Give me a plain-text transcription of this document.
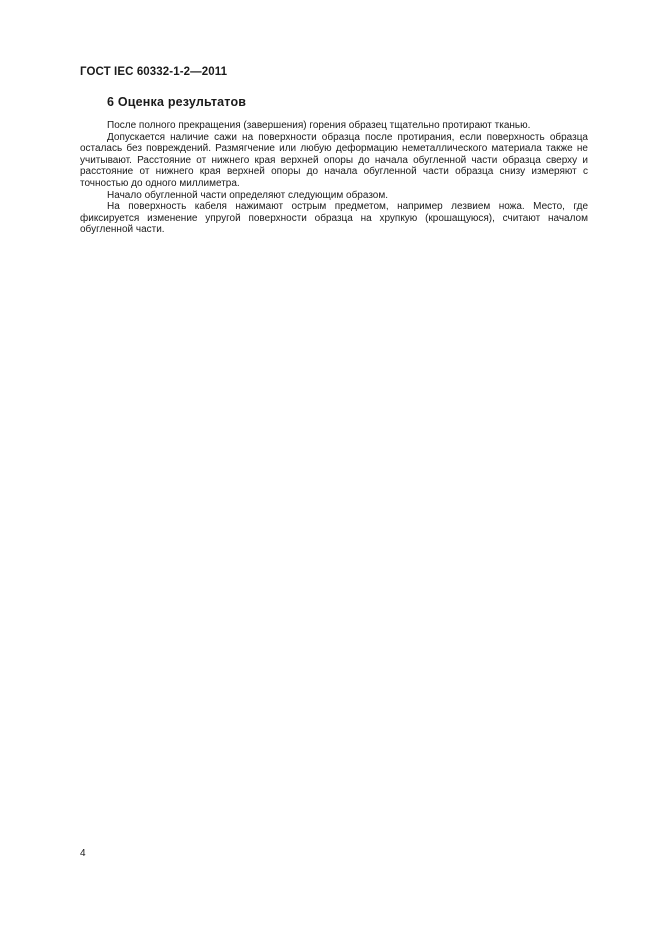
ГОСТ IEC 60332-1-2—2011
6 Оценка результатов

После полного прекращения (завершения) горения образец тщательно протирают тканью.

Допускается наличие сажи на поверхности образца после протирания, если поверхность образца осталась без повреждений. Размягчение или любую деформацию неметаллического материала также не учитывают. Расстояние от нижнего края верхней опоры до начала обугленной части образца сверху и расстояние от нижнего края верхней опоры до начала обугленной части образца снизу измеряют с точностью до одного миллиметра.

Начало обугленной части определяют следующим образом.

На поверхность кабеля нажимают острым предметом, например лезвием ножа. Место, где фиксируется изменение упругой поверхности образца на хрупкую (крошащуюся), считают началом обугленной части.

4
